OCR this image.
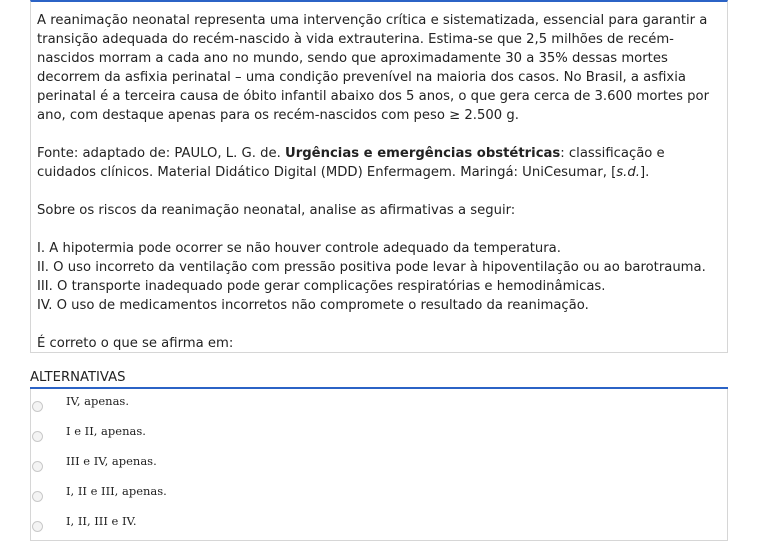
A reanimação neonatal representa uma intervenção crítica e sistematizada, essencial para garantir a transição adequada do recém-nascido à vida extrauterina. Estima-se que 2,5 milhões de recém-nascidos morram a cada ano no mundo, sendo que aproximadamente 30 a 35% dessas mortes decorrem da asfixia perinatal – uma condição prevenível na maioria dos casos. No Brasil, a asfixia perinatal é a terceira causa de óbito infantil abaixo dos 5 anos, o que gera cerca de 3.600 mortes por ano, com destaque apenas para os recém-nascidos com peso ≥ 2.500 g.

Fonte: adaptado de: PAULO, L. G. de. Urgências e emergências obstétricas: classificação e cuidados clínicos. Material Didático Digital (MDD) Enfermagem. Maringá: UniCesumar, [s.d.].

Sobre os riscos da reanimação neonatal, analise as afirmativas a seguir:

I. A hipotermia pode ocorrer se não houver controle adequado da temperatura.

II. O uso incorreto da ventilação com pressão positiva pode levar à hipoventilação ou ao barotrauma.

III. O transporte inadequado pode gerar complicações respiratórias e hemodinâmicas.

IV. O uso de medicamentos incorretos não compromete o resultado da reanimação.

É correto o que se afirma em:

ALTERNATIVAS
IV, apenas.
I e II, apenas.
III e IV, apenas.
I, II e III, apenas.
I, II, III e IV.
